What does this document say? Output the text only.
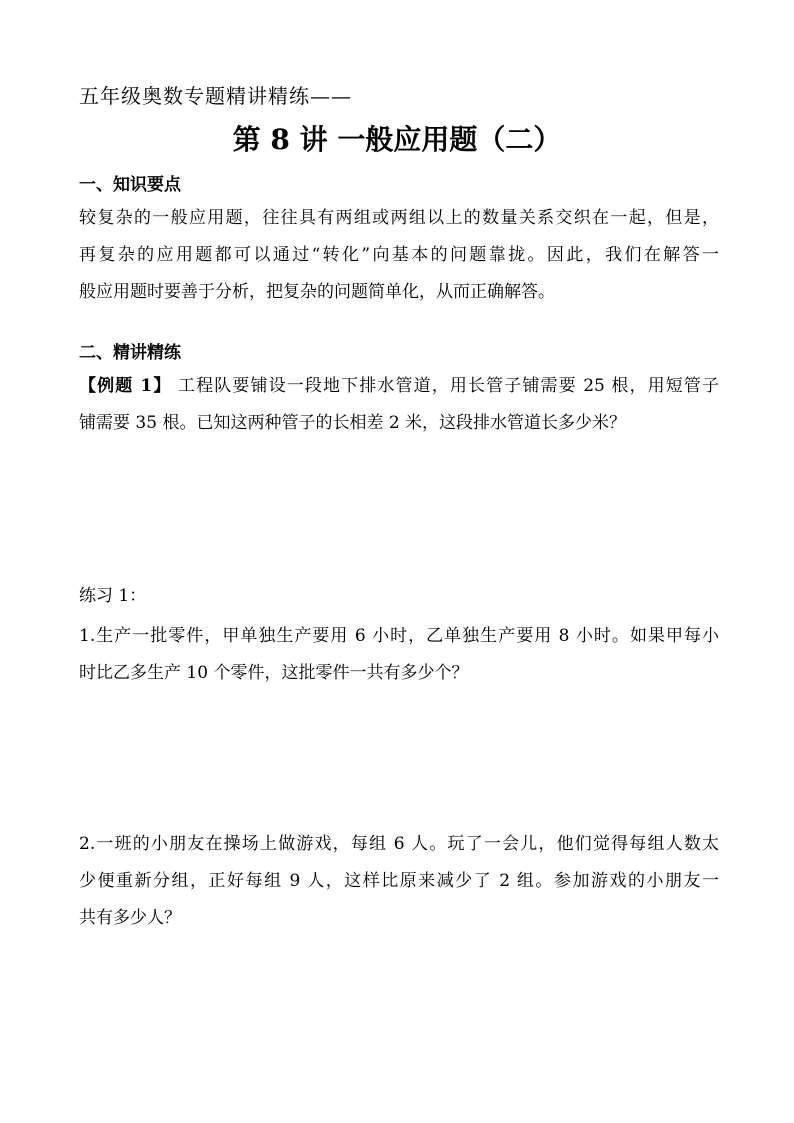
五年级奥数专题精讲精练——
第 8 讲 一般应用题（二）
一、知识要点
较复杂的一般应用题，往往具有两组或两组以上的数量关系交织在一起，但是，
再复杂的应用题都可以通过“转化”向基本的问题靠拢。因此，我们在解答一
般应用题时要善于分析，把复杂的问题简单化，从而正确解答。
二、精讲精练
【例题 1】 工程队要铺设一段地下排水管道，用长管子铺需要 25 根，用短管子
铺需要 35 根。已知这两种管子的长相差 2 米，这段排水管道长多少米？
练习 1：
1.生产一批零件，甲单独生产要用 6 小时，乙单独生产要用 8 小时。如果甲每小
时比乙多生产 10 个零件，这批零件一共有多少个？
2.一班的小朋友在操场上做游戏，每组 6 人。玩了一会儿，他们觉得每组人数太
少便重新分组，正好每组 9 人，这样比原来减少了 2 组。参加游戏的小朋友一
共有多少人？
